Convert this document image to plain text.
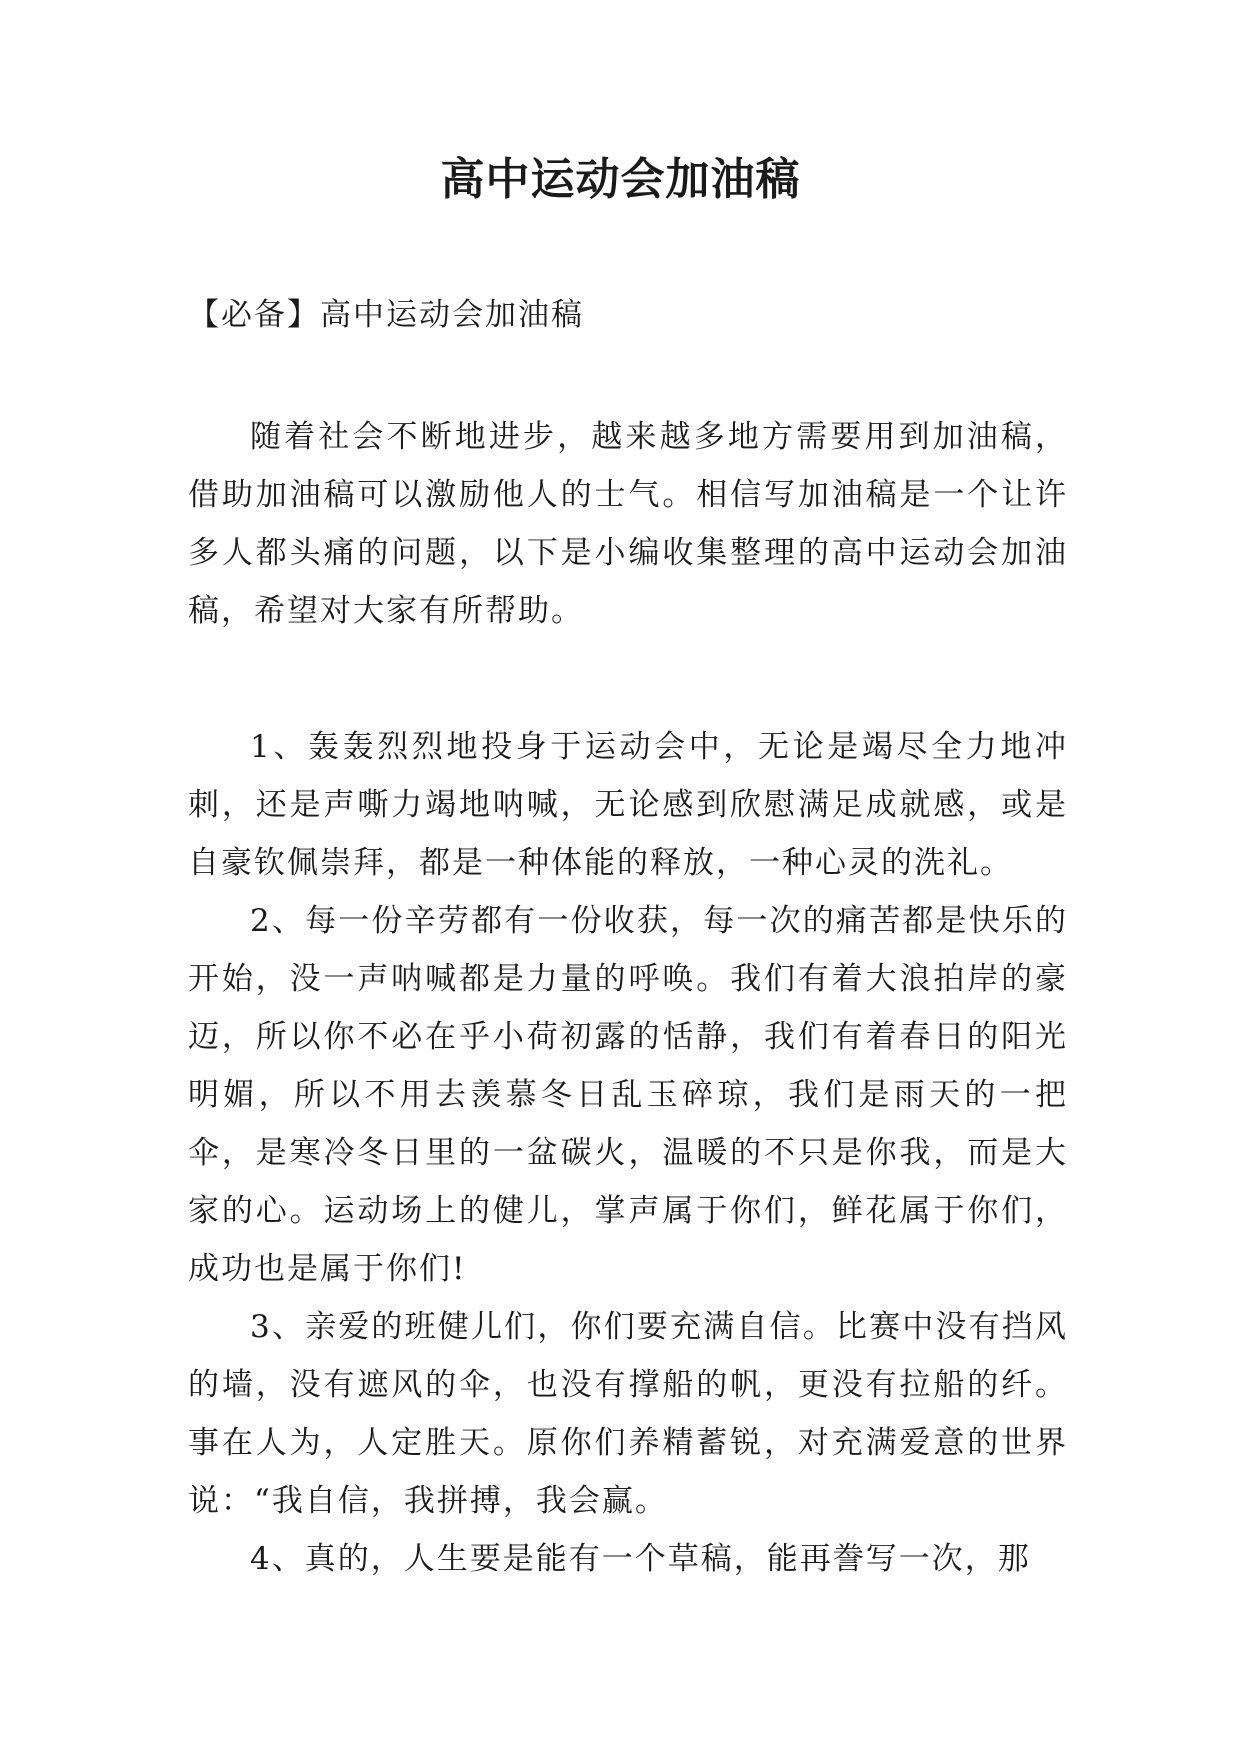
高中运动会加油稿

【必备】高中运动会加油稿

随着社会不断地进步，越来越多地方需要用到加油稿，借助加油稿可以激励他人的士气。相信写加油稿是一个让许多人都头痛的问题，以下是小编收集整理的高中运动会加油稿，希望对大家有所帮助。

1、轰轰烈烈地投身于运动会中，无论是竭尽全力地冲刺，还是声嘶力竭地呐喊，无论感到欣慰满足成就感，或是自豪钦佩崇拜，都是一种体能的释放，一种心灵的洗礼。

2、每一份辛劳都有一份收获，每一次的痛苦都是快乐的开始，没一声呐喊都是力量的呼唤。我们有着大浪拍岸的豪迈，所以你不必在乎小荷初露的恬静，我们有着春日的阳光明媚，所以不用去羡慕冬日乱玉碎琼，我们是雨天的一把伞，是寒冷冬日里的一盆碳火，温暖的不只是你我，而是大家的心。运动场上的健儿，掌声属于你们，鲜花属于你们，成功也是属于你们!

3、亲爱的班健儿们，你们要充满自信。比赛中没有挡风的墙，没有遮风的伞，也没有撑船的帆，更没有拉船的纤。事在人为，人定胜天。原你们养精蓄锐，对充满爱意的世界说：“我自信，我拼搏，我会赢。

4、真的，人生要是能有一个草稿，能再誊写一次，那
